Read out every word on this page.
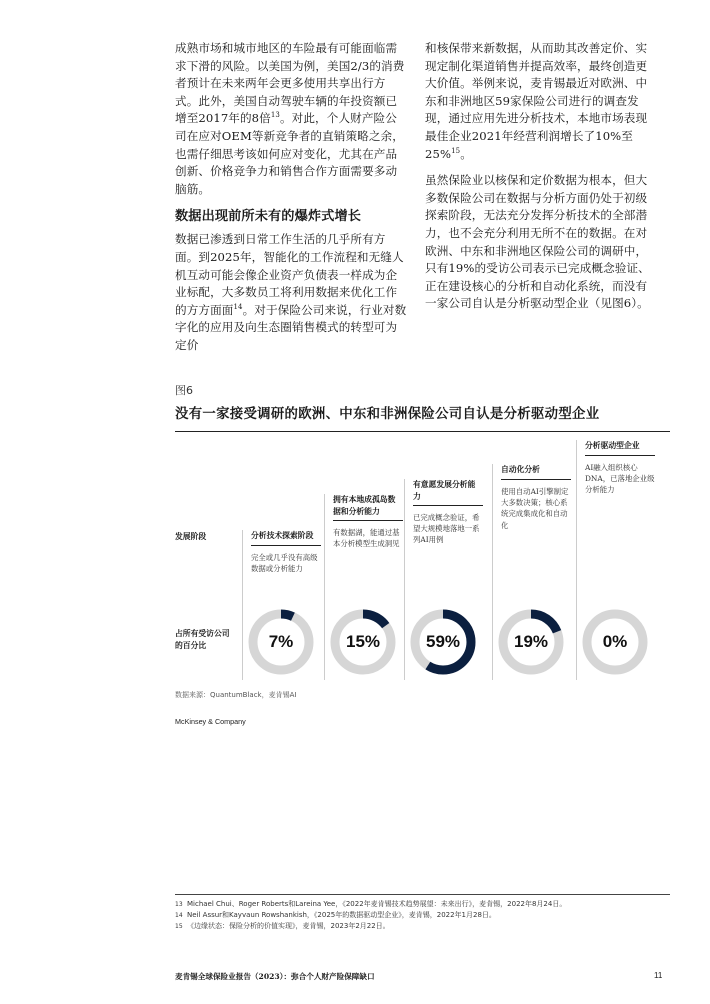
成熟市场和城市地区的车险最有可能面临需求下滑的风险。以美国为例，美国2/3的消费者预计在未来两年会更多使用共享出行方式。此外，美国自动驾驶车辆的年投资额已增至2017年的8倍$^{13}$。对此，个人财产险公司在应对OEM等新竞争者的直销策略之余，也需仔细思考该如何应对变化，尤其在产品创新、价格竞争力和销售合作方面需要多动脑筋。

数据出现前所未有的爆炸式增长

数据已渗透到日常工作生活的几乎所有方面。到2025年，智能化的工作流程和无缝人机互动可能会像企业资产负债表一样成为企业标配，大多数员工将利用数据来优化工作的方方面面$^{14}$。对于保险公司来说，行业对数字化的应用及向生态圈销售模式的转型可为定价

和核保带来新数据，从而助其改善定价、实现定制化渠道销售并提高效率，最终创造更大价值。举例来说，麦肯锡最近对欧洲、中东和非洲地区59家保险公司进行的调查发现，通过应用先进分析技术，本地市场表现最佳企业2021年经营利润增长了10%至25%$^{15}$。

虽然保险业以核保和定价数据为根本，但大多数保险公司在数据与分析方面仍处于初级探索阶段，无法充分发挥分析技术的全部潜力，也不会充分利用无所不在的数据。在对欧洲、中东和非洲地区保险公司的调研中，只有19%的受访公司表示已完成概念验证、正在建设核心的分析和自动化系统，而没有一家公司自认是分析驱动型企业（见图6）。

图6
没有一家接受调研的欧洲、中东和非洲保险公司自认是分析驱动型企业
发展阶段
占所有受访公司的百分比
分析技术探索阶段
完全或几乎没有高级数据或分析能力
7%
拥有本地成孤岛数据和分析能力
有数据湖，能通过基本分析模型生成洞见
15%
有意愿发展分析能力
已完成概念验证，希望大规模地落地一系列AI用例
59%
自动化分析
使用自动AI引擎制定大多数决策；核心系统完成集成化和自动化
19%
分析驱动型企业
AI融入组织核心DNA，已落地企业级分析能力
0%
数据来源：QuantumBlack，麦肯锡AI
McKinsey & Company
13 Michael Chui、Roger Roberts和Lareina Yee，《2022年麦肯锡技术趋势展望：未来出行》，麦肯锡，2022年8月24日。
14 Neil Assur和Kayvaun Rowshankish，《2025年的数据驱动型企业》，麦肯锡，2022年1月28日。
15 《边缘状态：保险分析的价值实现》，麦肯锡，2023年2月22日。
麦肯锡全球保险业报告（2023）：弥合个人财产险保障缺口	11
